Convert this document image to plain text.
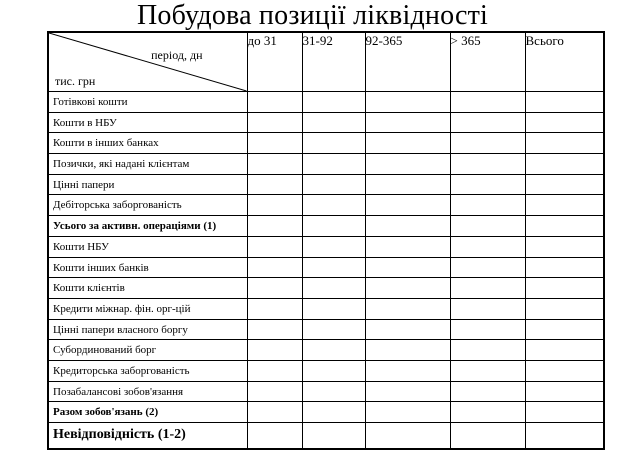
Побудова позиції ліквідності
період, дн
тис. грн	до 31	31-92	92-365	> 365	Всього
Готівкові кошти					
Кошти в НБУ					
Кошти в інших банках					
Позички, які надані клієнтам					
Цінні папери					
Дебіторська заборгованість					
Усього за активн. операціями (1)					
Кошти НБУ					
Кошти інших банків					
Кошти клієнтів					
Кредити міжнар. фін. орг-цій					
Цінні папери власного боргу					
Субординований борг					
Кредиторська заборгованість					
Позабалансові зобов'язання					
Разом зобов'язань (2)					
Невідповідність (1-2)					
